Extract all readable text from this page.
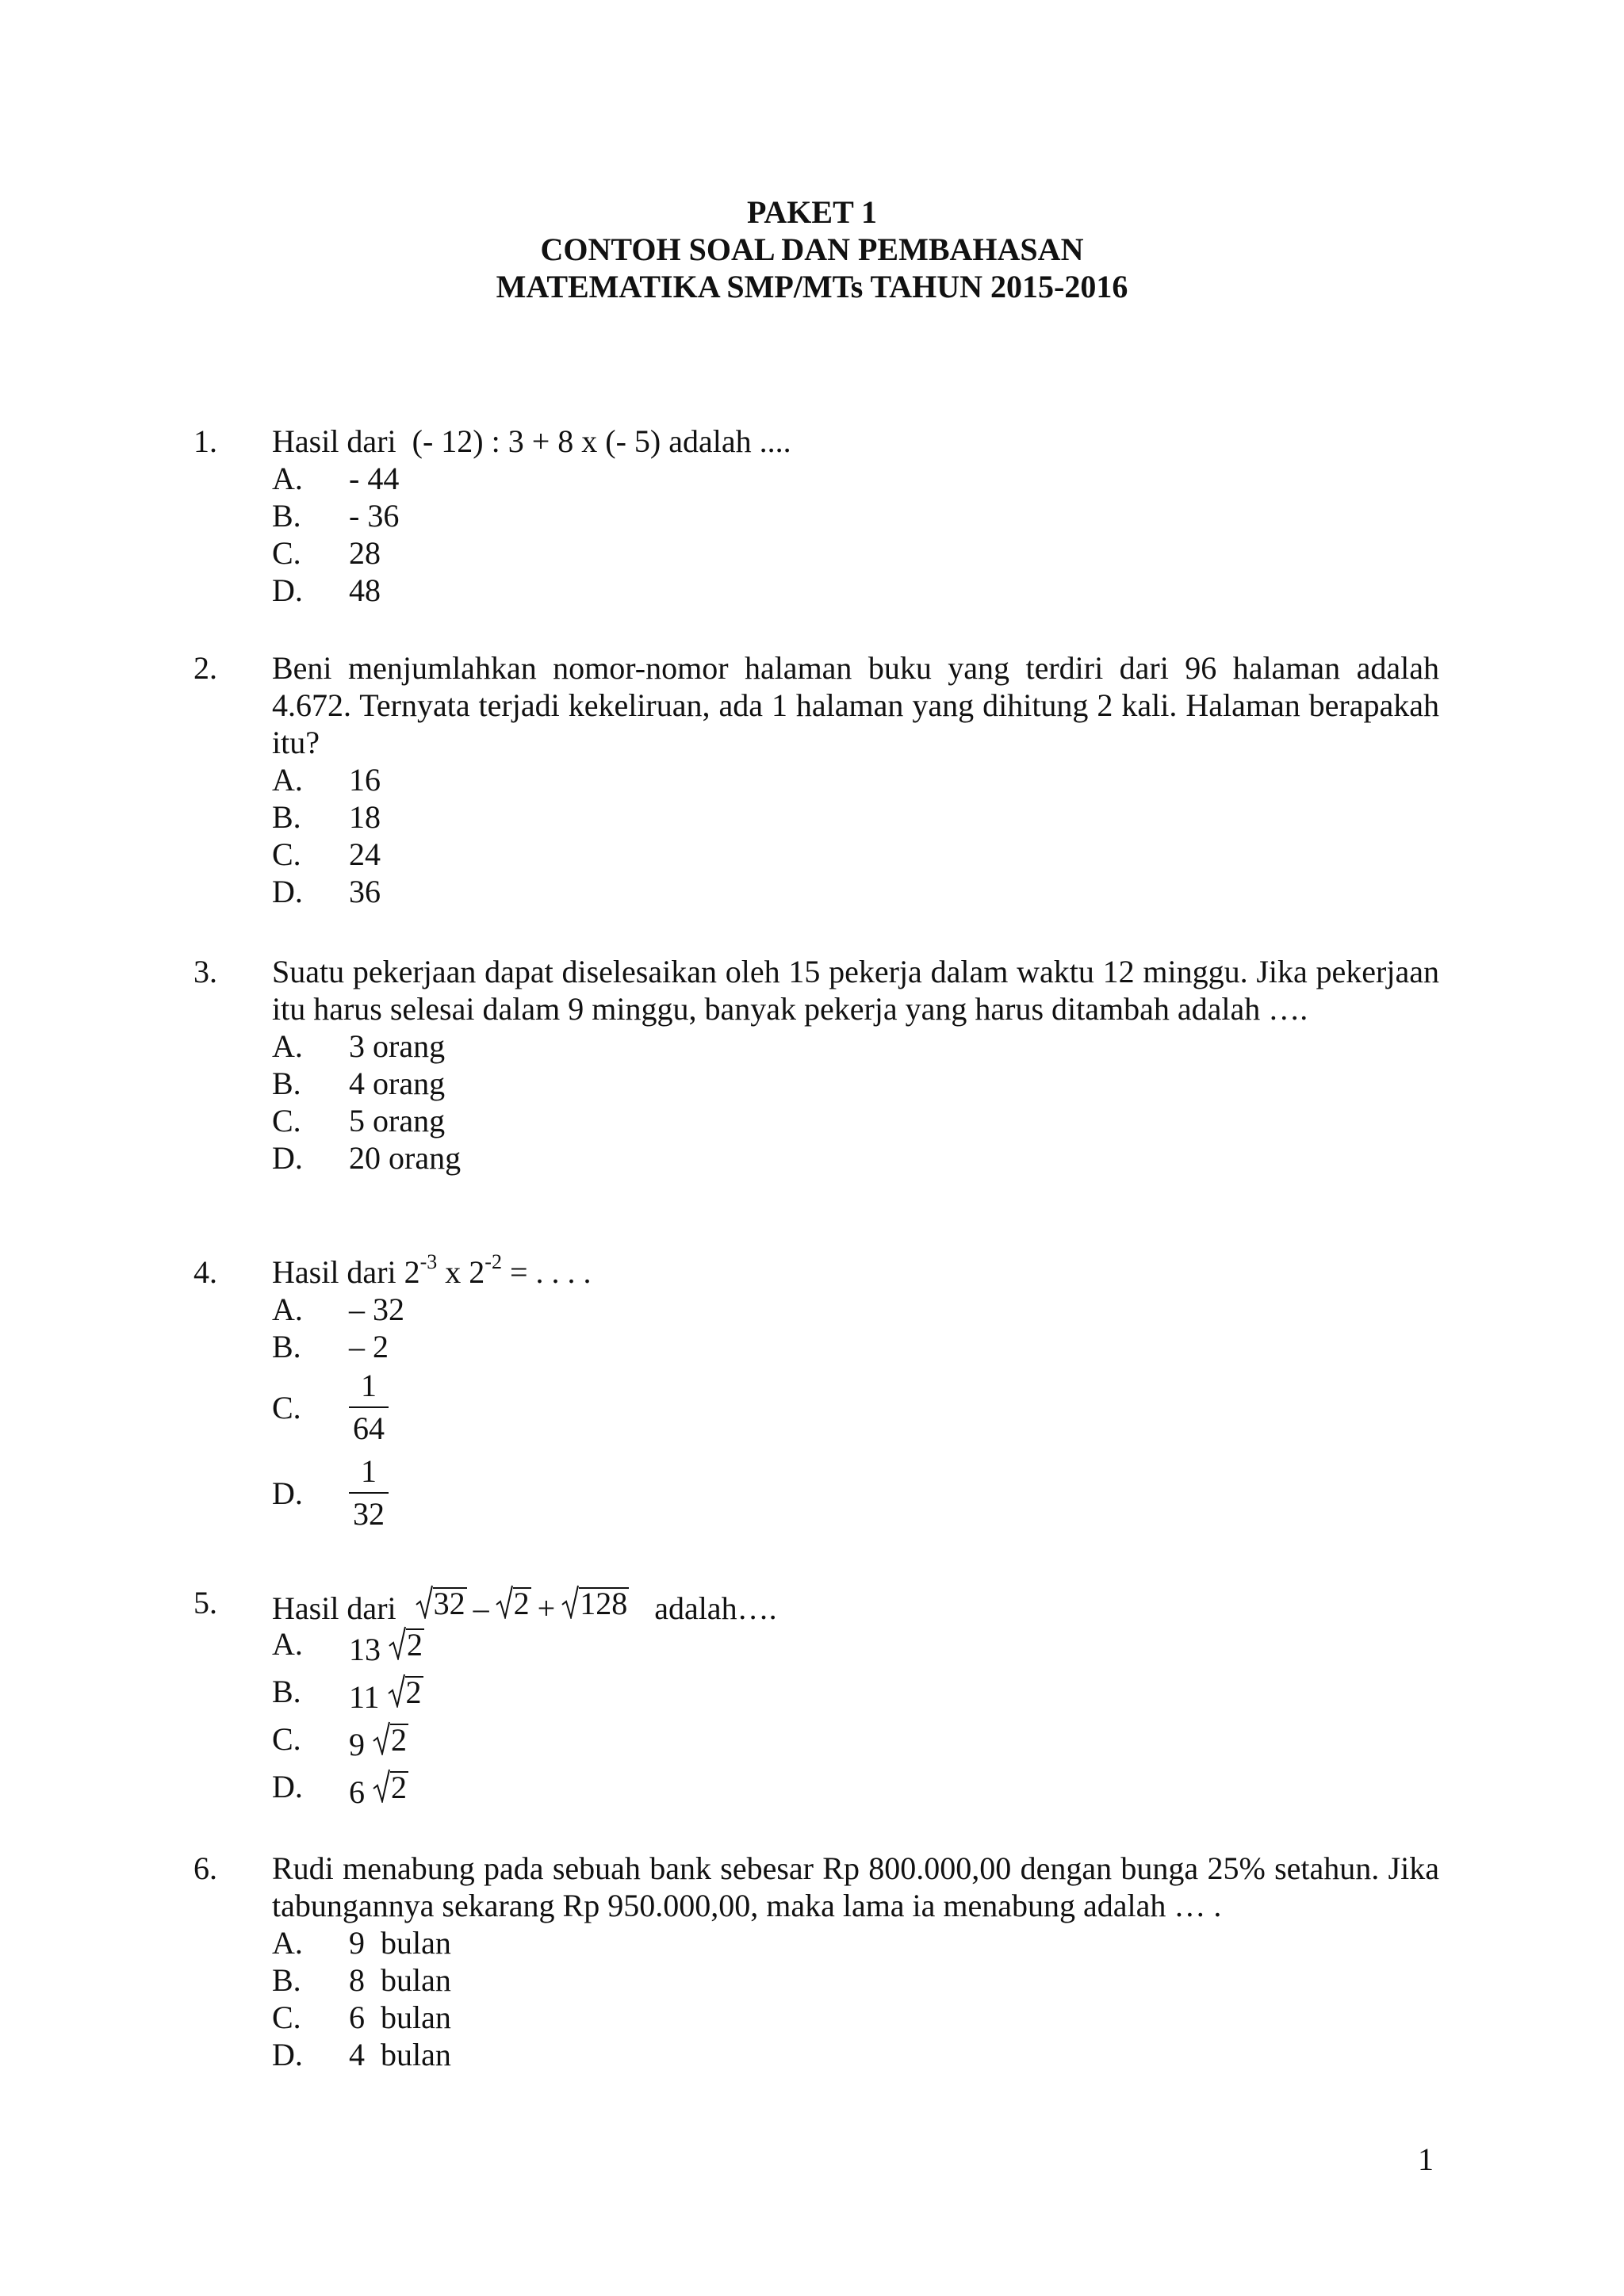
PAKET 1
CONTOH SOAL DAN PEMBAHASAN
MATEMATIKA SMP/MTs TAHUN 2015-2016
1. Hasil dari  (- 12) : 3 + 8 x (- 5) adalah ....
A. - 44
B. - 36
C. 28
D. 48
2. Beni menjumlahkan nomor-nomor halaman buku yang terdiri dari 96 halaman adalah 4.672. Ternyata terjadi kekeliruan, ada 1 halaman yang dihitung 2 kali. Halaman berapakah itu?
A. 16
B. 18
C. 24
D. 36
3. Suatu pekerjaan dapat diselesaikan oleh 15 pekerja dalam waktu 12 minggu. Jika pekerjaan itu harus selesai dalam 9 minggu, banyak pekerja yang harus ditambah adalah ….
A. 3 orang
B. 4 orang
C. 5 orang
D. 20 orang
4. Hasil dari $2^{-3}$ x $2^{-2}$ = . . . .
A. – 32
B. – 2
C. $\frac{1}{64}$
D. $\frac{1}{32}$
5. Hasil dari 32 – 2 + 128 adalah….
A. 13 2
B. 11 2
C. 9 2
D. 6 2
6. Rudi menabung pada sebuah bank sebesar Rp 800.000,00 dengan bunga 25% setahun. Jika tabungannya sekarang Rp 950.000,00, maka lama ia menabung adalah … .
A. 9  bulan
B. 8  bulan
C. 6  bulan
D. 4  bulan
1
